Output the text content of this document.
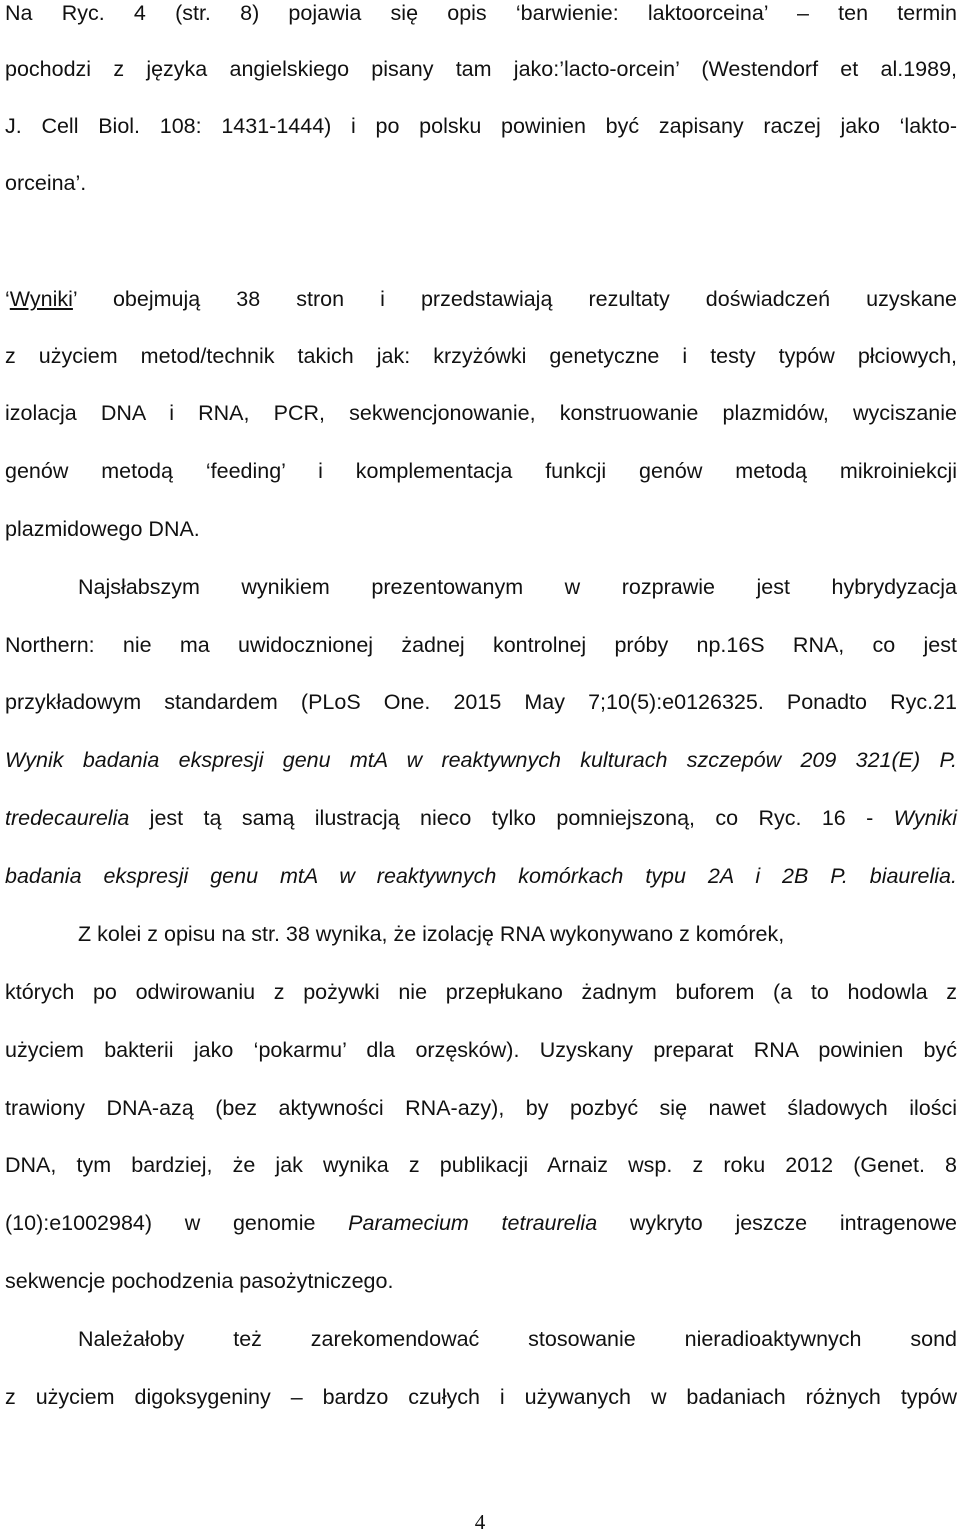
Na Ryc. 4 (str. 8) pojawia się opis ‘barwienie: laktoorceina’ – ten termin
pochodzi z języka angielskiego pisany tam jako:’lacto-orcein’ (Westendorf et al.1989,
J. Cell Biol. 108: 1431-1444) i po polsku powinien być zapisany raczej jako ‘lakto-
orceina’.
‘Wyniki’ obejmują 38 stron i przedstawiają rezultaty doświadczeń uzyskane
z użyciem metod/technik takich jak: krzyżówki genetyczne i testy typów płciowych,
izolacja DNA i RNA, PCR, sekwencjonowanie, konstruowanie plazmidów, wyciszanie
genów metodą ‘feeding’ i komplementacja funkcji genów metodą mikroiniekcji
plazmidowego DNA.
Najsłabszym wynikiem prezentowanym w rozprawie jest hybrydyzacja
Northern: nie ma uwidocznionej żadnej kontrolnej próby np.16S RNA, co jest
przykładowym standardem (PLoS One. 2015 May 7;10(5):e0126325. Ponadto Ryc.21
Wynik badania ekspresji genu mtA w reaktywnych kulturach szczepów 209 321(E) P.
tredecaurelia jest tą samą ilustracją nieco tylko pomniejszoną, co Ryc. 16 - Wyniki
badania ekspresji genu mtA w reaktywnych komórkach typu 2A i 2B P. biaurelia.
Z kolei z opisu na str. 38 wynika, że izolację RNA wykonywano z komórek,
których po odwirowaniu z pożywki nie przepłukano żadnym buforem (a to hodowla z
użyciem bakterii jako ‘pokarmu’ dla orzęsków). Uzyskany preparat RNA powinien być
trawiony DNA-azą (bez aktywności RNA-azy), by pozbyć się nawet śladowych ilości
DNA, tym bardziej, że jak wynika z publikacji Arnaiz wsp. z roku 2012 (Genet. 8
(10):e1002984) w genomie Paramecium tetraurelia wykryto jeszcze intragenowe
sekwencje pochodzenia pasożytniczego.
Należałoby też zarekomendować stosowanie nieradioaktywnych sond
z użyciem digoksygeniny – bardzo czułych i używanych w badaniach różnych typów
4
